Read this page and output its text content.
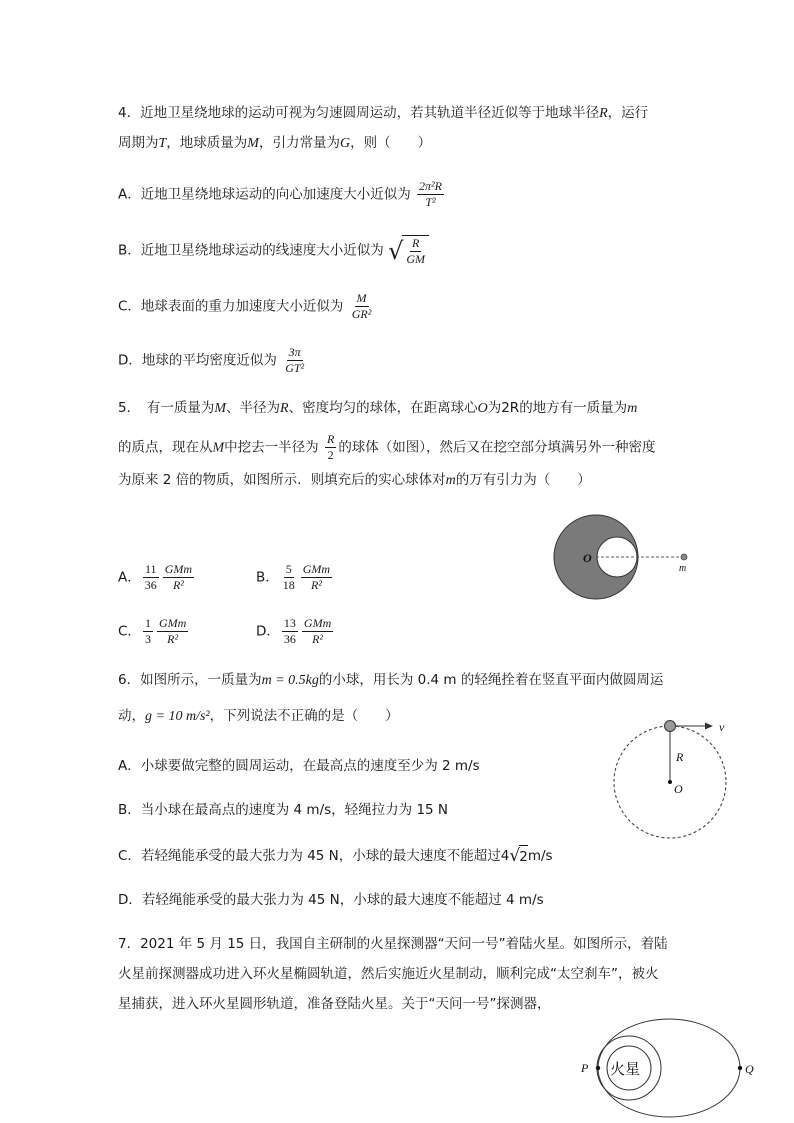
4．近地卫星绕地球的运动可视为匀速圆周运动，若其轨道半径近似等于地球半径R，运行
周期为T，地球质量为M，引力常量为G，则（　　）
A．近地卫星绕地球运动的向心加速度大小近似为 $\frac{\text{2π²R}}{\text{T²}}$
B．近地卫星绕地球运动的线速度大小近似为 √ $\frac{R}{GM}$
C．地球表面的重力加速度大小近似为 $\frac{M}{\text{GR²}}$
D．地球的平均密度近似为 $\frac{3\pi}{\text{GT²}}$
5．　有一质量为M、半径为R、密度均匀的球体，在距离球心O为2R的地方有一质量为m
的质点，现在从M中挖去一半径为 $\frac{R}{2}$ 的球体（如图），然后又在挖空部分填满另外一种密度
为原来 2 倍的物质，如图所示．则填充后的实心球体对m的万有引力为（　　）
A． $\frac{11}{36} \frac{\text{GMm}}{\text{R²}}$	B． $\frac{5}{18} \frac{\text{GMm}}{\text{R²}}$
C． $\frac{1}{3} \frac{\text{GMm}}{\text{R²}}$	D． $\frac{13}{36} \frac{\text{GMm}}{\text{R²}}$
O
m
6．如图所示，一质量为m = 0.5kg的小球，用长为 0.4 m 的轻绳拴着在竖直平面内做圆周运
动，g = 10 m/s²，下列说法不正确的是（　　）
A．小球要做完整的圆周运动，在最高点的速度至少为 2 m/s
B．当小球在最高点的速度为 4 m/s，轻绳拉力为 15 N
C．若轻绳能承受的最大张力为 45 N，小球的最大速度不能超过4 √ 2 m/s
D．若轻绳能承受的最大张力为 45 N，小球的最大速度不能超过 4 m/s
v
R
O
7．2021 年 5 月 15 日，我国自主研制的火星探测器“天问一号”着陆火星。如图所示，着陆
火星前探测器成功进入环火星椭圆轨道，然后实施近火星制动，顺利完成“太空刹车”，被火
星捕获，进入环火星圆形轨道，准备登陆火星。关于“天问一号”探测器，
火星
P	Q
